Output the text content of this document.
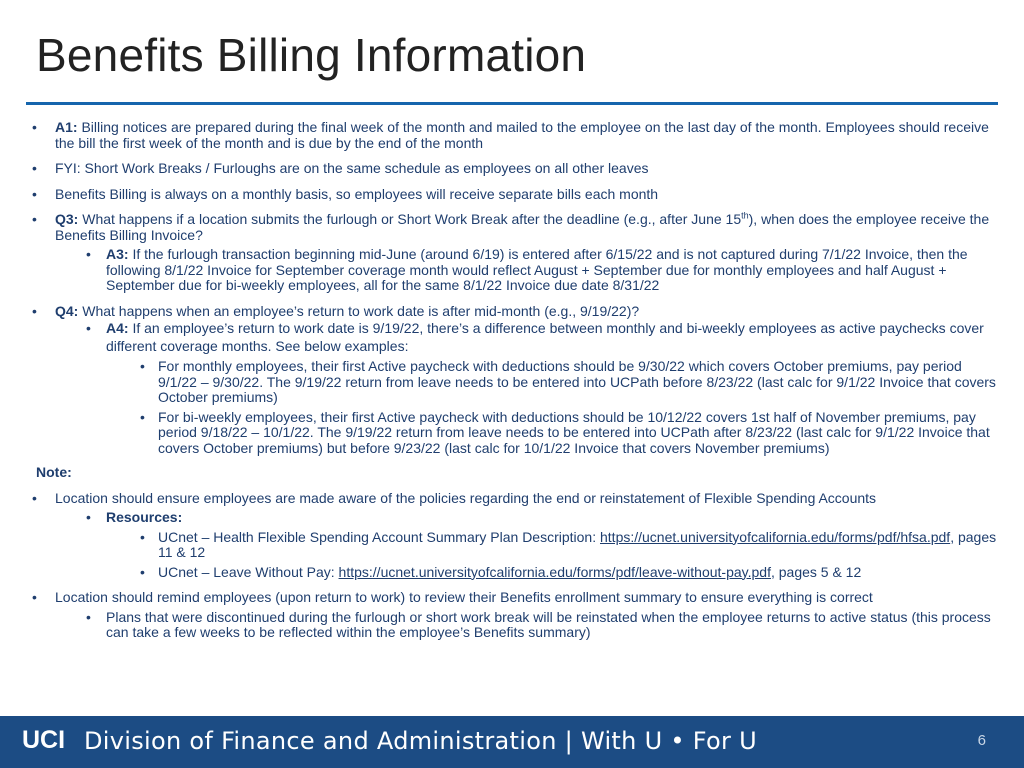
Benefits Billing Information

• A1: Billing notices are prepared during the final week of the month and mailed to the employee on the last day of the month. Employees should receive the bill the first week of the month and is due by the end of the month

• FYI: Short Work Breaks / Furloughs are on the same schedule as employees on all other leaves

• Benefits Billing is always on a monthly basis, so employees will receive separate bills each month

• Q3: What happens if a location submits the furlough or Short Work Break after the deadline (e.g., after June 15th), when does the employee receive the Benefits Billing Invoice?

• A3: If the furlough transaction beginning mid-June (around 6/19) is entered after 6/15/22 and is not captured during 7/1/22 Invoice, then the following 8/1/22 Invoice for September coverage month would reflect August + September due for monthly employees and half August + September due for bi-weekly employees, all for the same 8/1/22 Invoice due date 8/31/22

• Q4: What happens when an employee’s return to work date is after mid-month (e.g., 9/19/22)?

• A4: If an employee’s return to work date is 9/19/22, there’s a difference between monthly and bi-weekly employees as active paychecks cover different coverage months. See below examples:

• For monthly employees, their first Active paycheck with deductions should be 9/30/22 which covers October premiums, pay period 9/1/22 – 9/30/22. The 9/19/22 return from leave needs to be entered into UCPath before 8/23/22 (last calc for 9/1/22 Invoice that covers October premiums)

• For bi-weekly employees, their first Active paycheck with deductions should be 10/12/22 covers 1st half of November premiums, pay period 9/18/22 – 10/1/22. The 9/19/22 return from leave needs to be entered into UCPath after 8/23/22 (last calc for 9/1/22 Invoice that covers October premiums) but before 9/23/22 (last calc for 10/1/22 Invoice that covers November premiums)

Note:

• Location should ensure employees are made aware of the policies regarding the end or reinstatement of Flexible Spending Accounts

• Resources:

• UCnet – Health Flexible Spending Account Summary Plan Description: https://ucnet.universityofcalifornia.edu/forms/pdf/hfsa.pdf, pages 11 & 12

• UCnet – Leave Without Pay: https://ucnet.universityofcalifornia.edu/forms/pdf/leave-without-pay.pdf, pages 5 & 12

• Location should remind employees (upon return to work) to review their Benefits enrollment summary to ensure everything is correct

• Plans that were discontinued during the furlough or short work break will be reinstated when the employee returns to active status (this process can take a few weeks to be reflected within the employee’s Benefits summary)

UCI Division of Finance and Administration | With U • For U	6
